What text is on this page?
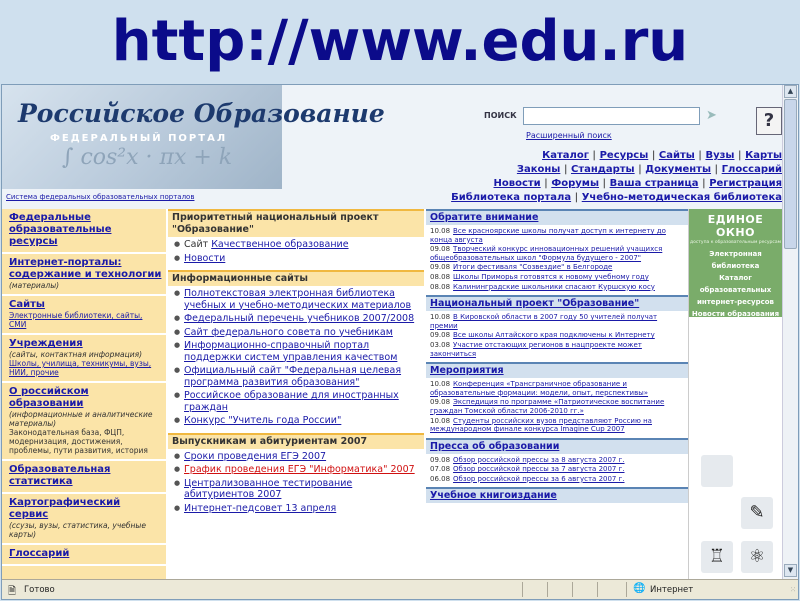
http://www.edu.ru
∫ cos²x · πx + k
Российское Образование
ФЕДЕРАЛЬНЫЙ ПОРТАЛ
Система федеральных образовательных порталов
ПОИСК	➤
Расширенный поиск
?
Каталог | Ресурсы | Сайты | Вузы | Карты
Законы | Стандарты | Документы | Глоссарий
Новости | Форумы | Ваша страница | Регистрация
Библиотека портала | Учебно-методическая библиотека
Федеральные образовательные ресурсы
Интернет-порталы: содержание и технологии
(материалы)
Сайты
Электронные библиотеки, сайты, СМИ
Учреждения
(сайты, контактная информация)
Школы, училища, техникумы, вузы, НИИ, прочие
О российском образовании
(информационные и аналитические материалы)
Законодательная база, ФЦП, модернизация, достижения, проблемы, пути развития, история
Образовательная статистика
Картографический сервис
(ссузы, вузы, статистика, учебные карты)
Глоссарий
Приоритетный национальный проект "Образование"
● Сайт Качественное образование
● Новости
Информационные сайты
● Полнотекстовая электронная библиотека учебных и учебно-методических материалов
● Федеральный перечень учебников 2007/2008
● Сайт федерального совета по учебникам
● Информационно-справочный портал поддержки систем управления качеством
● Официальный сайт "Федеральная целевая программа развития образования"
● Российское образование для иностранных граждан
● Конкурс "Учитель года России"
Выпускникам и абитуриентам 2007
● Сроки проведения ЕГЭ 2007
● График проведения ЕГЭ "Информатика" 2007
● Централизованное тестирование абитуриентов 2007
● Интернет-педсовет 13 апреля
Обратите внимание
10.08 Все красноярские школы получат доступ к интернету до конца августа
09.08 Творческий конкурс инновационных решений учащихся общеобразовательных школ "Формула будущего - 2007"
09.08 Итоги фестиваля "Созвездие" в Белгороде
08.08 Школы Приморья готовятся к новому учебному году
08.08 Калининградские школьники спасают Куршскую косу
Национальный проект "Образование"
10.08 В Кировской области в 2007 году 50 учителей получат премии
09.08 Все школы Алтайского края подключены к Интернету
03.08 Участие отстающих регионов в нацпроекте может закончиться
Мероприятия
10.08 Конференция «Трансграничное образование и образовательные формации: модели, опыт, перспективы»
09.08 Экспедиция по программе «Патриотическое воспитание граждан Томской области 2006-2010 гг.»
10.08 Студенты российских вузов представляют Россию на международном финале конкурса Imagine Cup 2007
Пресса об образовании
09.08 Обзор российской прессы за 8 августа 2007 г.
07.08 Обзор российской прессы за 7 августа 2007 г.
06.08 Обзор российской прессы за 6 августа 2007 г.
Учебное книгоиздание
ЕДИНОЕ ОКНО
доступа к образовательным ресурсам
Электронная библиотека
Каталог образовательных интернет-ресурсов
Новости образования
Глоссарий
✎
♖	⚛
▲
▼
🗎 Готово	🌐 Интернет	⁙
